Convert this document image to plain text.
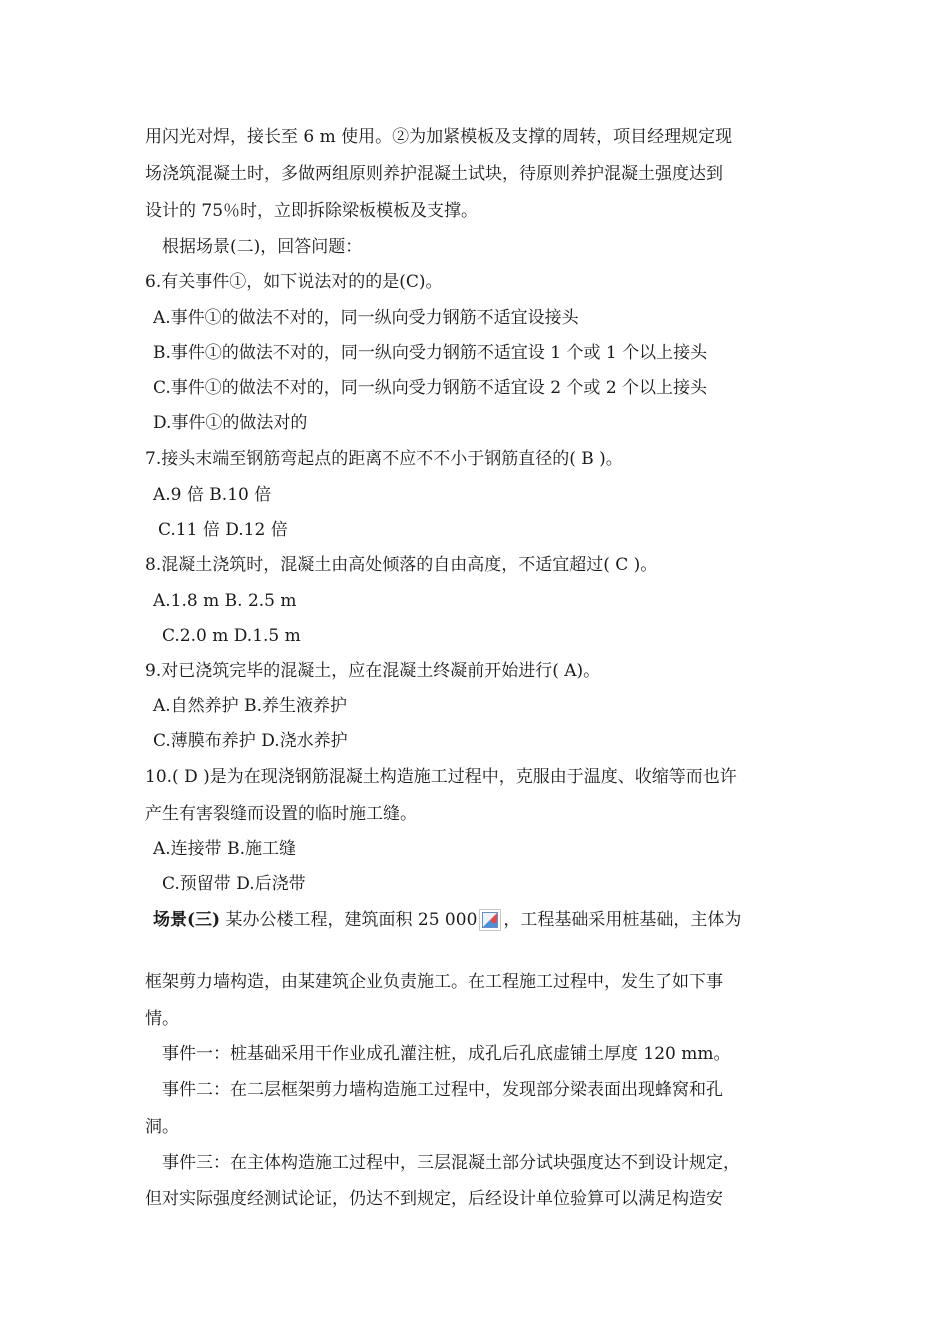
用闪光对焊，接长至 6 m 使用。②为加紧模板及支撑的周转，项目经理规定现
场浇筑混凝土时，多做两组原则养护混凝土试块，待原则养护混凝土强度达到
设计的 75％时，立即拆除梁板模板及支撑。
根据场景(二)，回答问题：
6.有关事件①，如下说法对的的是(C)。
A.事件①的做法不对的，同一纵向受力钢筋不适宜设接头
B.事件①的做法不对的，同一纵向受力钢筋不适宜设 1 个或 1 个以上接头
C.事件①的做法不对的，同一纵向受力钢筋不适宜设 2 个或 2 个以上接头
D.事件①的做法对的
7.接头末端至钢筋弯起点的距离不应不不小于钢筋直径的( B )。
A.9 倍 B.10 倍
C.11 倍 D.12 倍
8.混凝土浇筑时，混凝土由高处倾落的自由高度，不适宜超过( C )。
A.1.8 m B. 2.5 m
C.2.0 m D.1.5 m
9.对已浇筑完毕的混凝土，应在混凝土终凝前开始进行( A)。
A.自然养护 B.养生液养护
C.薄膜布养护 D.浇水养护
10.( D )是为在现浇钢筋混凝土构造施工过程中，克服由于温度、收缩等而也许
产生有害裂缝而设置的临时施工缝。
A.连接带 B.施工缝
C.预留带 D.后浇带
场景(三) 某办公楼工程，建筑面积 25 000 ，工程基础采用桩基础，主体为
框架剪力墙构造，由某建筑企业负责施工。在工程施工过程中，发生了如下事
情。
事件一：桩基础采用干作业成孔灌注桩，成孔后孔底虚铺土厚度 120 mm。
事件二：在二层框架剪力墙构造施工过程中，发现部分梁表面出现蜂窝和孔
洞。
事件三：在主体构造施工过程中，三层混凝土部分试块强度达不到设计规定，
但对实际强度经测试论证，仍达不到规定，后经设计单位验算可以满足构造安
